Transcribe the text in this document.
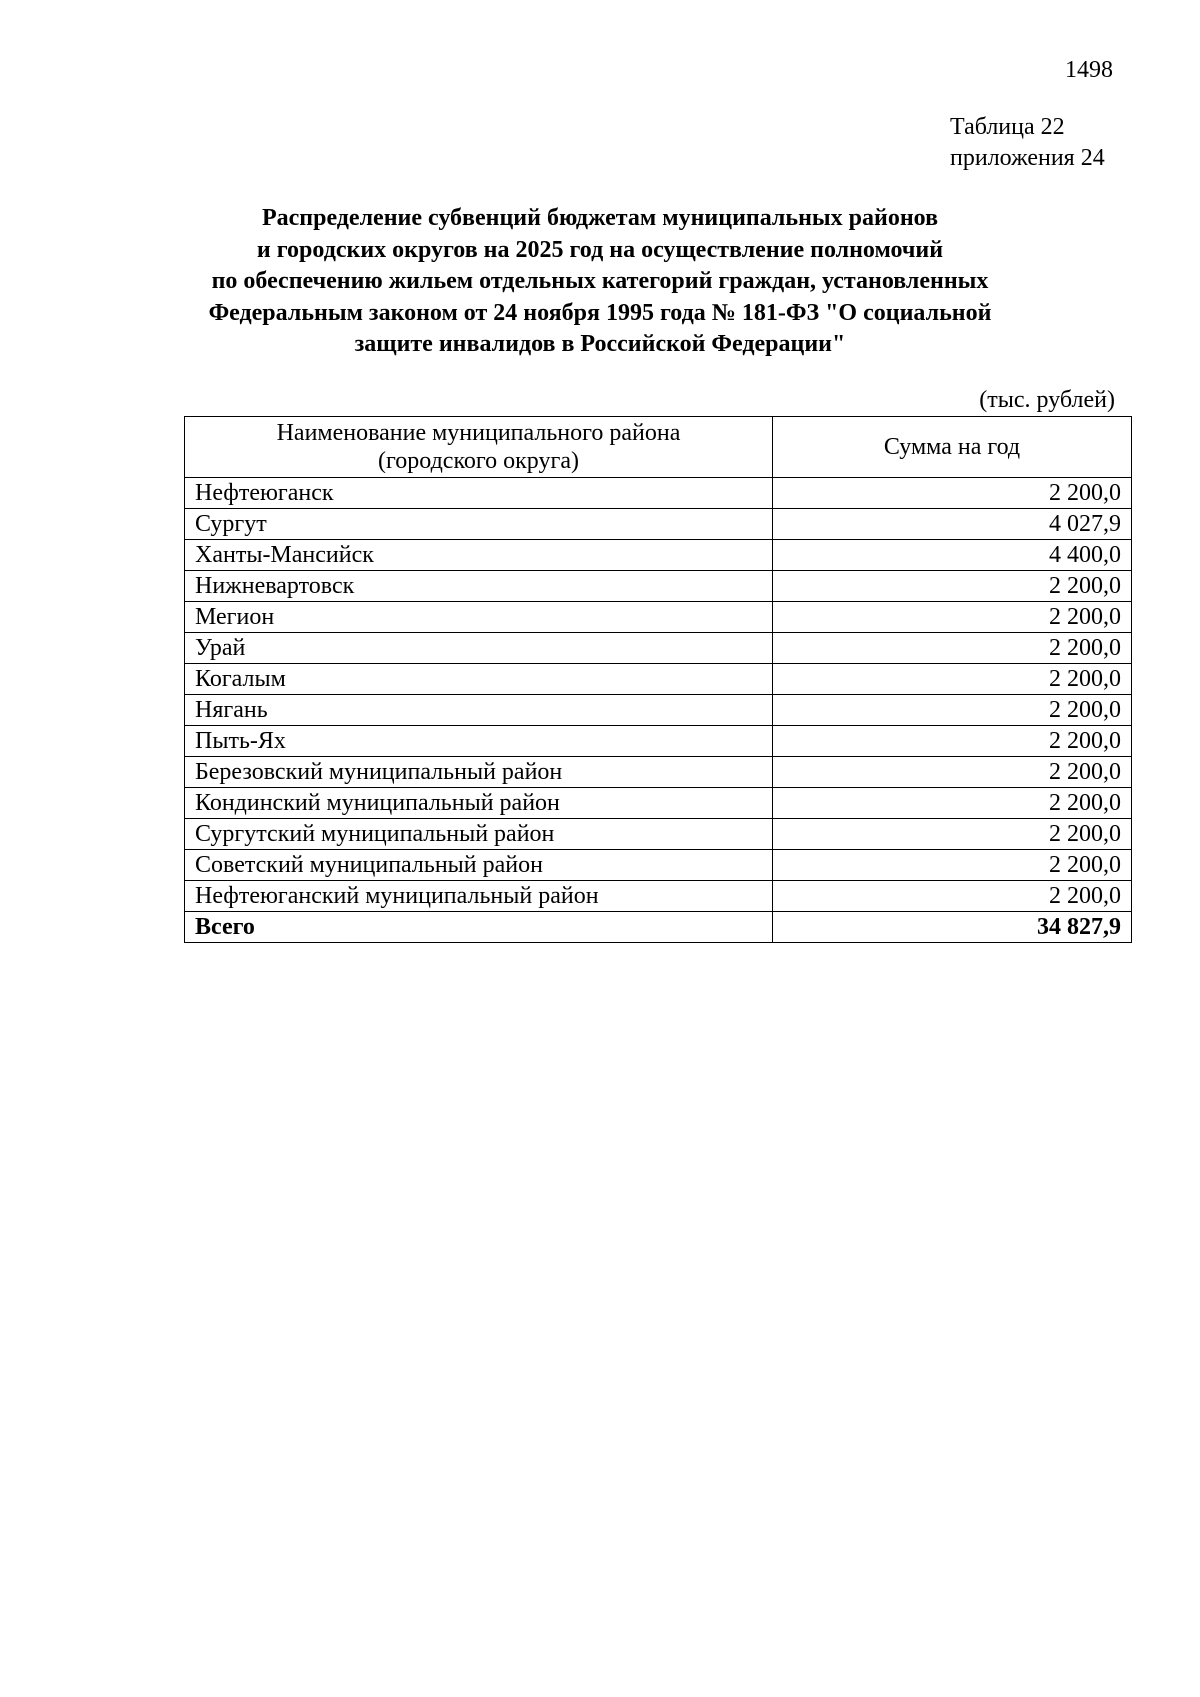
1498
Таблица 22
приложения 24
Распределение субвенций бюджетам муниципальных районов
и городских округов на 2025 год на осуществление полномочий
по обеспечению жильем отдельных категорий граждан, установленных
Федеральным законом от 24 ноября 1995 года № 181-ФЗ "О социальной
защите инвалидов в Российской Федерации"
(тыс. рублей)
Наименование муниципального района
(городского округа)	Сумма на год
Нефтеюганск	2 200,0
Сургут	4 027,9
Ханты-Мансийск	4 400,0
Нижневартовск	2 200,0
Мегион	2 200,0
Урай	2 200,0
Когалым	2 200,0
Нягань	2 200,0
Пыть-Ях	2 200,0
Березовский муниципальный район	2 200,0
Кондинский муниципальный район	2 200,0
Сургутский муниципальный район	2 200,0
Советский муниципальный район	2 200,0
Нефтеюганский муниципальный район	2 200,0
Всего	34 827,9
